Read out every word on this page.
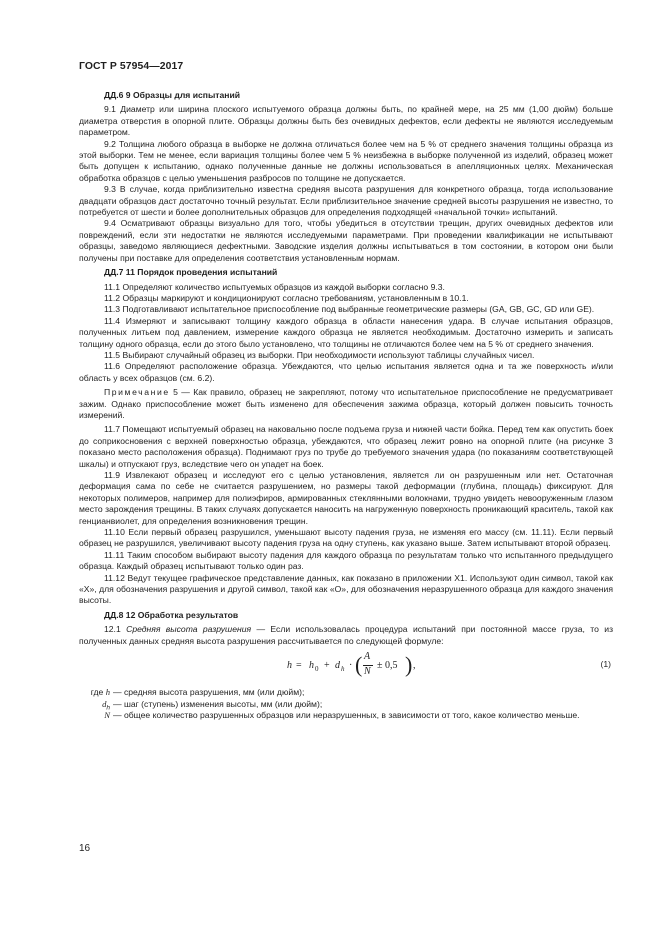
ГОСТ Р 57954—2017
ДД.6 9 Образцы для испытаний

9.1 Диаметр или ширина плоского испытуемого образца должны быть, по крайней мере, на 25 мм (1,00 дюйм) больше диаметра отверстия в опорной плите. Образцы должны быть без очевидных дефектов, если дефекты не являются исследуемым параметром.

9.2 Толщина любого образца в выборке не должна отличаться более чем на 5 % от среднего значения толщины образца из этой выборки. Тем не менее, если вариация толщины более чем 5 % неизбежна в выборке полученной из изделий, образец может быть допущен к испытанию, однако полученные данные не должны использоваться в апелляционных целях. Механическая обработка образцов с целью уменьшения разбросов по толщине не допускается.

9.3 В случае, когда приблизительно известна средняя высота разрушения для конкретного образца, тогда использование двадцати образцов даст достаточно точный результат. Если приблизительное значение средней высоты разрушения не известно, то потребуется от шести и более дополнительных образцов для определения подходящей «начальной точки» испытаний.

9.4 Осматривают образцы визуально для того, чтобы убедиться в отсутствии трещин, других очевидных дефектов или повреждений, если эти недостатки не являются исследуемыми параметрами. При проведении квалификации не испытывают образцы, заведомо являющиеся дефектными. Заводские изделия должны испытываться в том состоянии, в котором они были получены при поставке для определения соответствия установленным нормам.

ДД.7 11 Порядок проведения испытаний

11.1 Определяют количество испытуемых образцов из каждой выборки согласно 9.3.

11.2 Образцы маркируют и кондиционируют согласно требованиям, установленным в 10.1.

11.3 Подготавливают испытательное приспособление под выбранные геометрические размеры (GA, GB, GC, GD или GE).

11.4 Измеряют и записывают толщину каждого образца в области нанесения удара. В случае испытания образцов, полученных литьем под давлением, измерение каждого образца не является необходимым. Достаточно измерить и записать толщину одного образца, если до этого было установлено, что толщины не отличаются более чем на 5 % от среднего значения.

11.5 Выбирают случайный образец из выборки. При необходимости используют таблицы случайных чисел.

11.6 Определяют расположение образца. Убеждаются, что целью испытания является одна и та же поверхность и/или область у всех образцов (см. 6.2).

Примечание 5 — Как правило, образец не закрепляют, потому что испытательное приспособление не предусматривает зажим. Однако приспособление может быть изменено для обеспечения зажима образца, который должен повысить точность измерений.

11.7 Помещают испытуемый образец на наковальню после подъема груза и нижней части бойка. Перед тем как опустить боек до соприкосновения с верхней поверхностью образца, убеждаются, что образец лежит ровно на опорной плите (на рисунке 3 показано место расположения образца). Поднимают груз по трубе до требуемого значения удара (по показаниям соответствующей шкалы) и отпускают груз, вследствие чего он упадет на боек.

11.9 Извлекают образец и исследуют его с целью установления, является ли он разрушенным или нет. Остаточная деформация сама по себе не считается разрушением, но размеры такой деформации (глубина, площадь) фиксируют. Для некоторых полимеров, например для полиэфиров, армированных стеклянными волокнами, трудно увидеть невооруженным глазом место зарождения трещины. В таких случаях допускается наносить на нагруженную поверхность проникающий краситель, такой как генцианвиолет, для определения возникновения трещин.

11.10 Если первый образец разрушился, уменьшают высоту падения груза, не изменяя его массу (см. 11.11). Если первый образец не разрушился, увеличивают высоту падения груза на одну ступень, как указано выше. Затем испытывают второй образец.

11.11 Таким способом выбирают высоту падения для каждого образца по результатам только что испытанного предыдущего образца. Каждый образец испытывают только один раз.

11.12 Ведут текущее графическое представление данных, как показано в приложении X1. Используют один символ, такой как «X», для обозначения разрушения и другой символ, такой как «О», для обозначения неразрушенного образца для каждого значения высоты.

ДД.8 12 Обработка результатов

12.1 Средняя высота разрушения — Если использовалась процедура испытаний при постоянной массе груза, то из полученных данных средняя высота разрушения рассчитывается по следующей формуле:

h = h 0 + d h · ( A
N
± 0,5 ) ,	(1)

где h — средняя высота разрушения, мм (или дюйм);

$d_h$ — шаг (ступень) изменения высоты, мм (или дюйм);

N — общее количество разрушенных образцов или неразрушенных, в зависимости от того, какое количество меньше.

16
